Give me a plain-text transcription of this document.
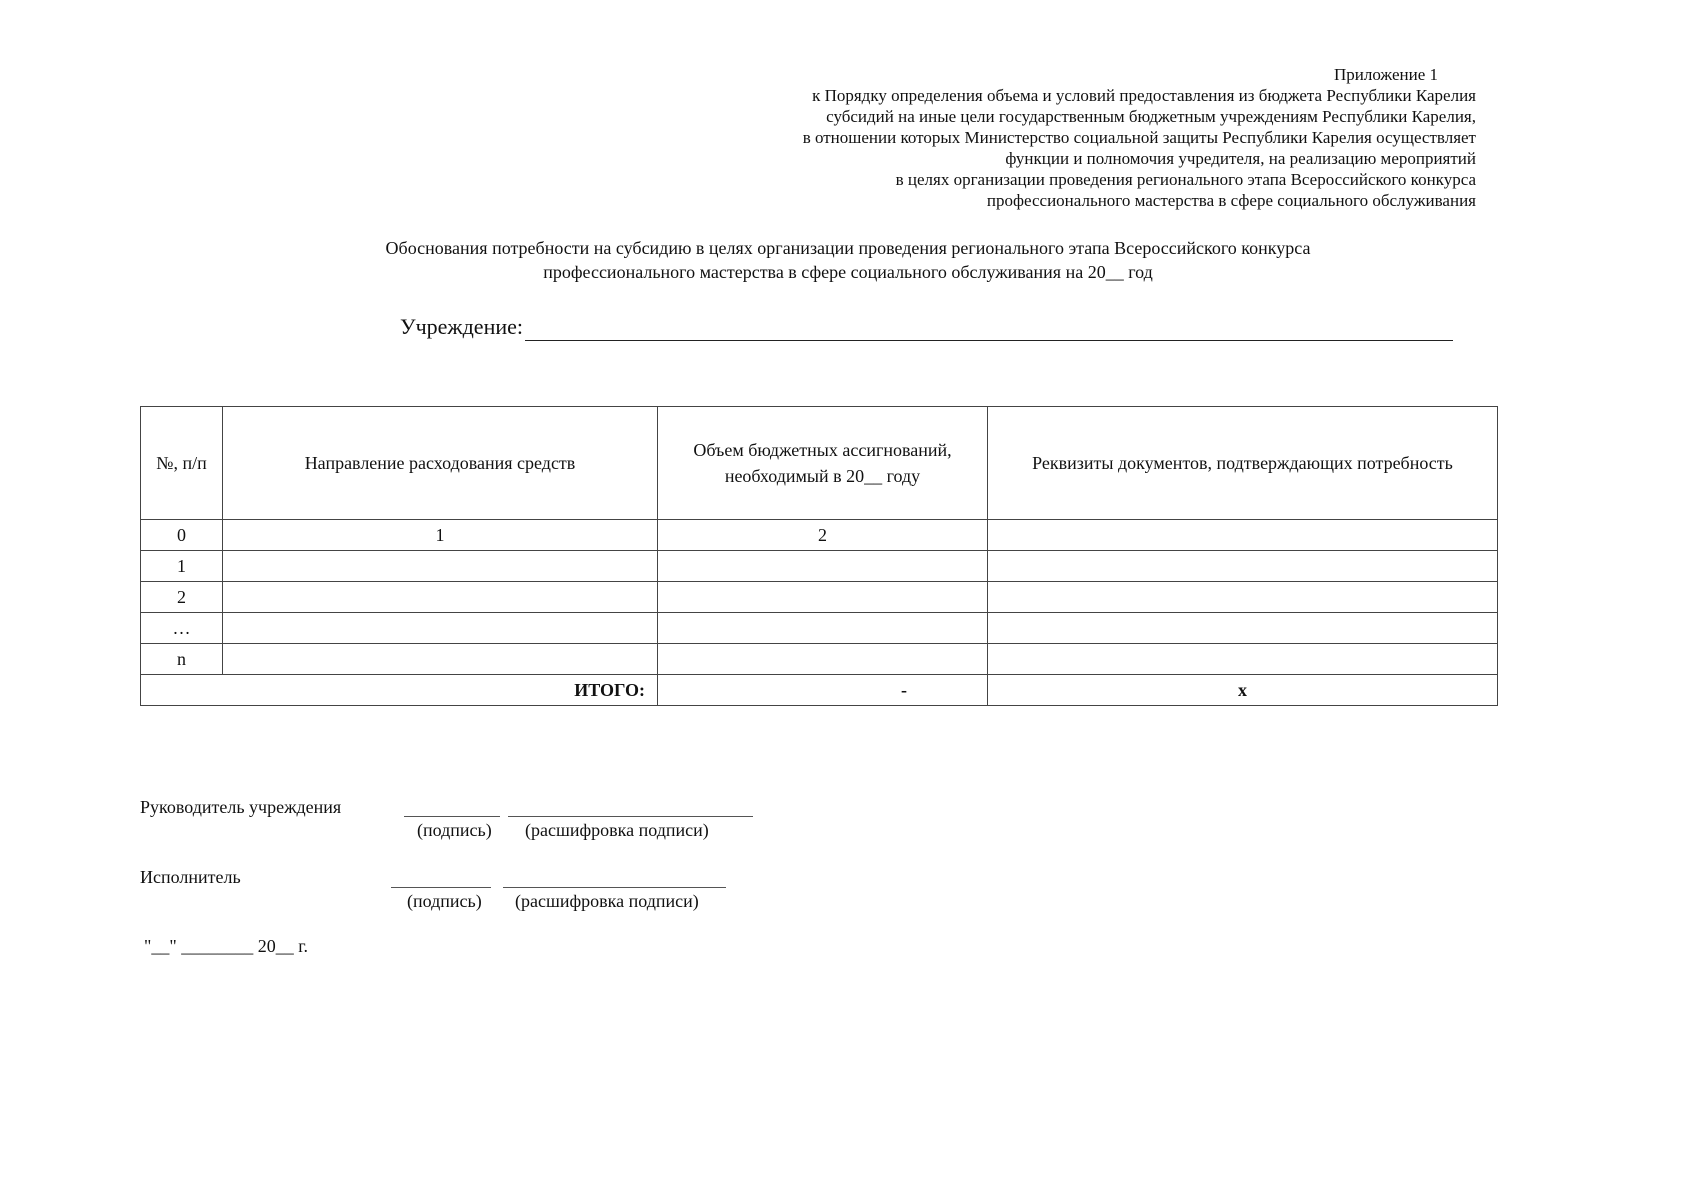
Приложение 1
к Порядку определения объема и условий предоставления из бюджета Республики Карелия
субсидий на иные цели государственным бюджетным учреждениям Республики Карелия,
в отношении которых Министерство социальной защиты Республики Карелия осуществляет
функции и полномочия учредителя, на реализацию мероприятий
в целях организации проведения регионального этапа Всероссийского конкурса
профессионального мастерства в сфере социального обслуживания
Обоснования потребности на субсидию в целях организации проведения регионального этапа Всероссийского конкурса
профессионального мастерства в сфере социального обслуживания на 20__ год
Учреждение:
№, п/п	Направление расходования средств	Объем бюджетных ассигнований, необходимый в 20__ году	Реквизиты документов, подтверждающих потребность
0	1	2	
1			
2			
…			
n			
ИТОГО:		-	х
Руководитель учреждения
(подпись) (расшифровка подписи)
Исполнитель
(подпись) (расшифровка подписи)
"__" ________ 20__ г.
